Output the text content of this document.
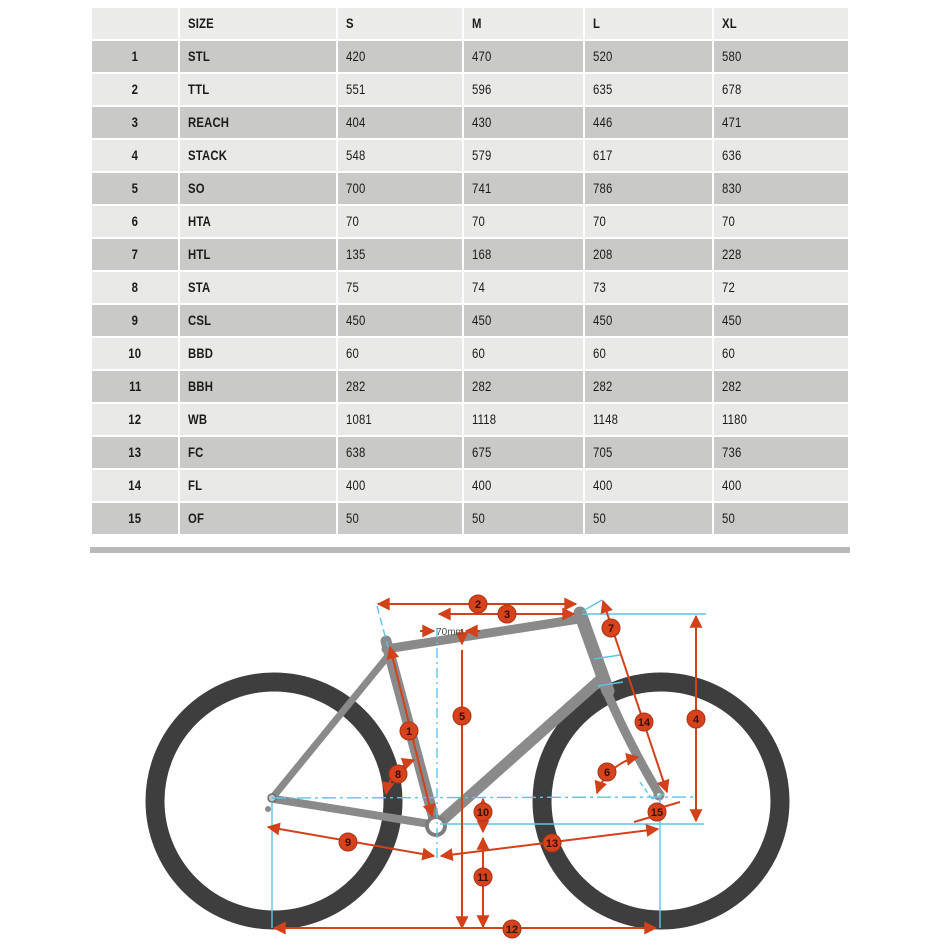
	SIZE	S	M	L	XL
1	STL	420	470	520	580
2	TTL	551	596	635	678
3	REACH	404	430	446	471
4	STACK	548	579	617	636
5	SO	700	741	786	830
6	HTA	70	70	70	70
7	HTL	135	168	208	228
8	STA	75	74	73	72
9	CSL	450	450	450	450
10	BBD	60	60	60	60
11	BBH	282	282	282	282
12	WB	1081	1118	1148	1180
13	FC	638	675	705	736
14	FL	400	400	400	400
15	OF	50	50	50	50
70mm
1
2
3
4
5
6
7
8
9
10
11
12
13
14
15
